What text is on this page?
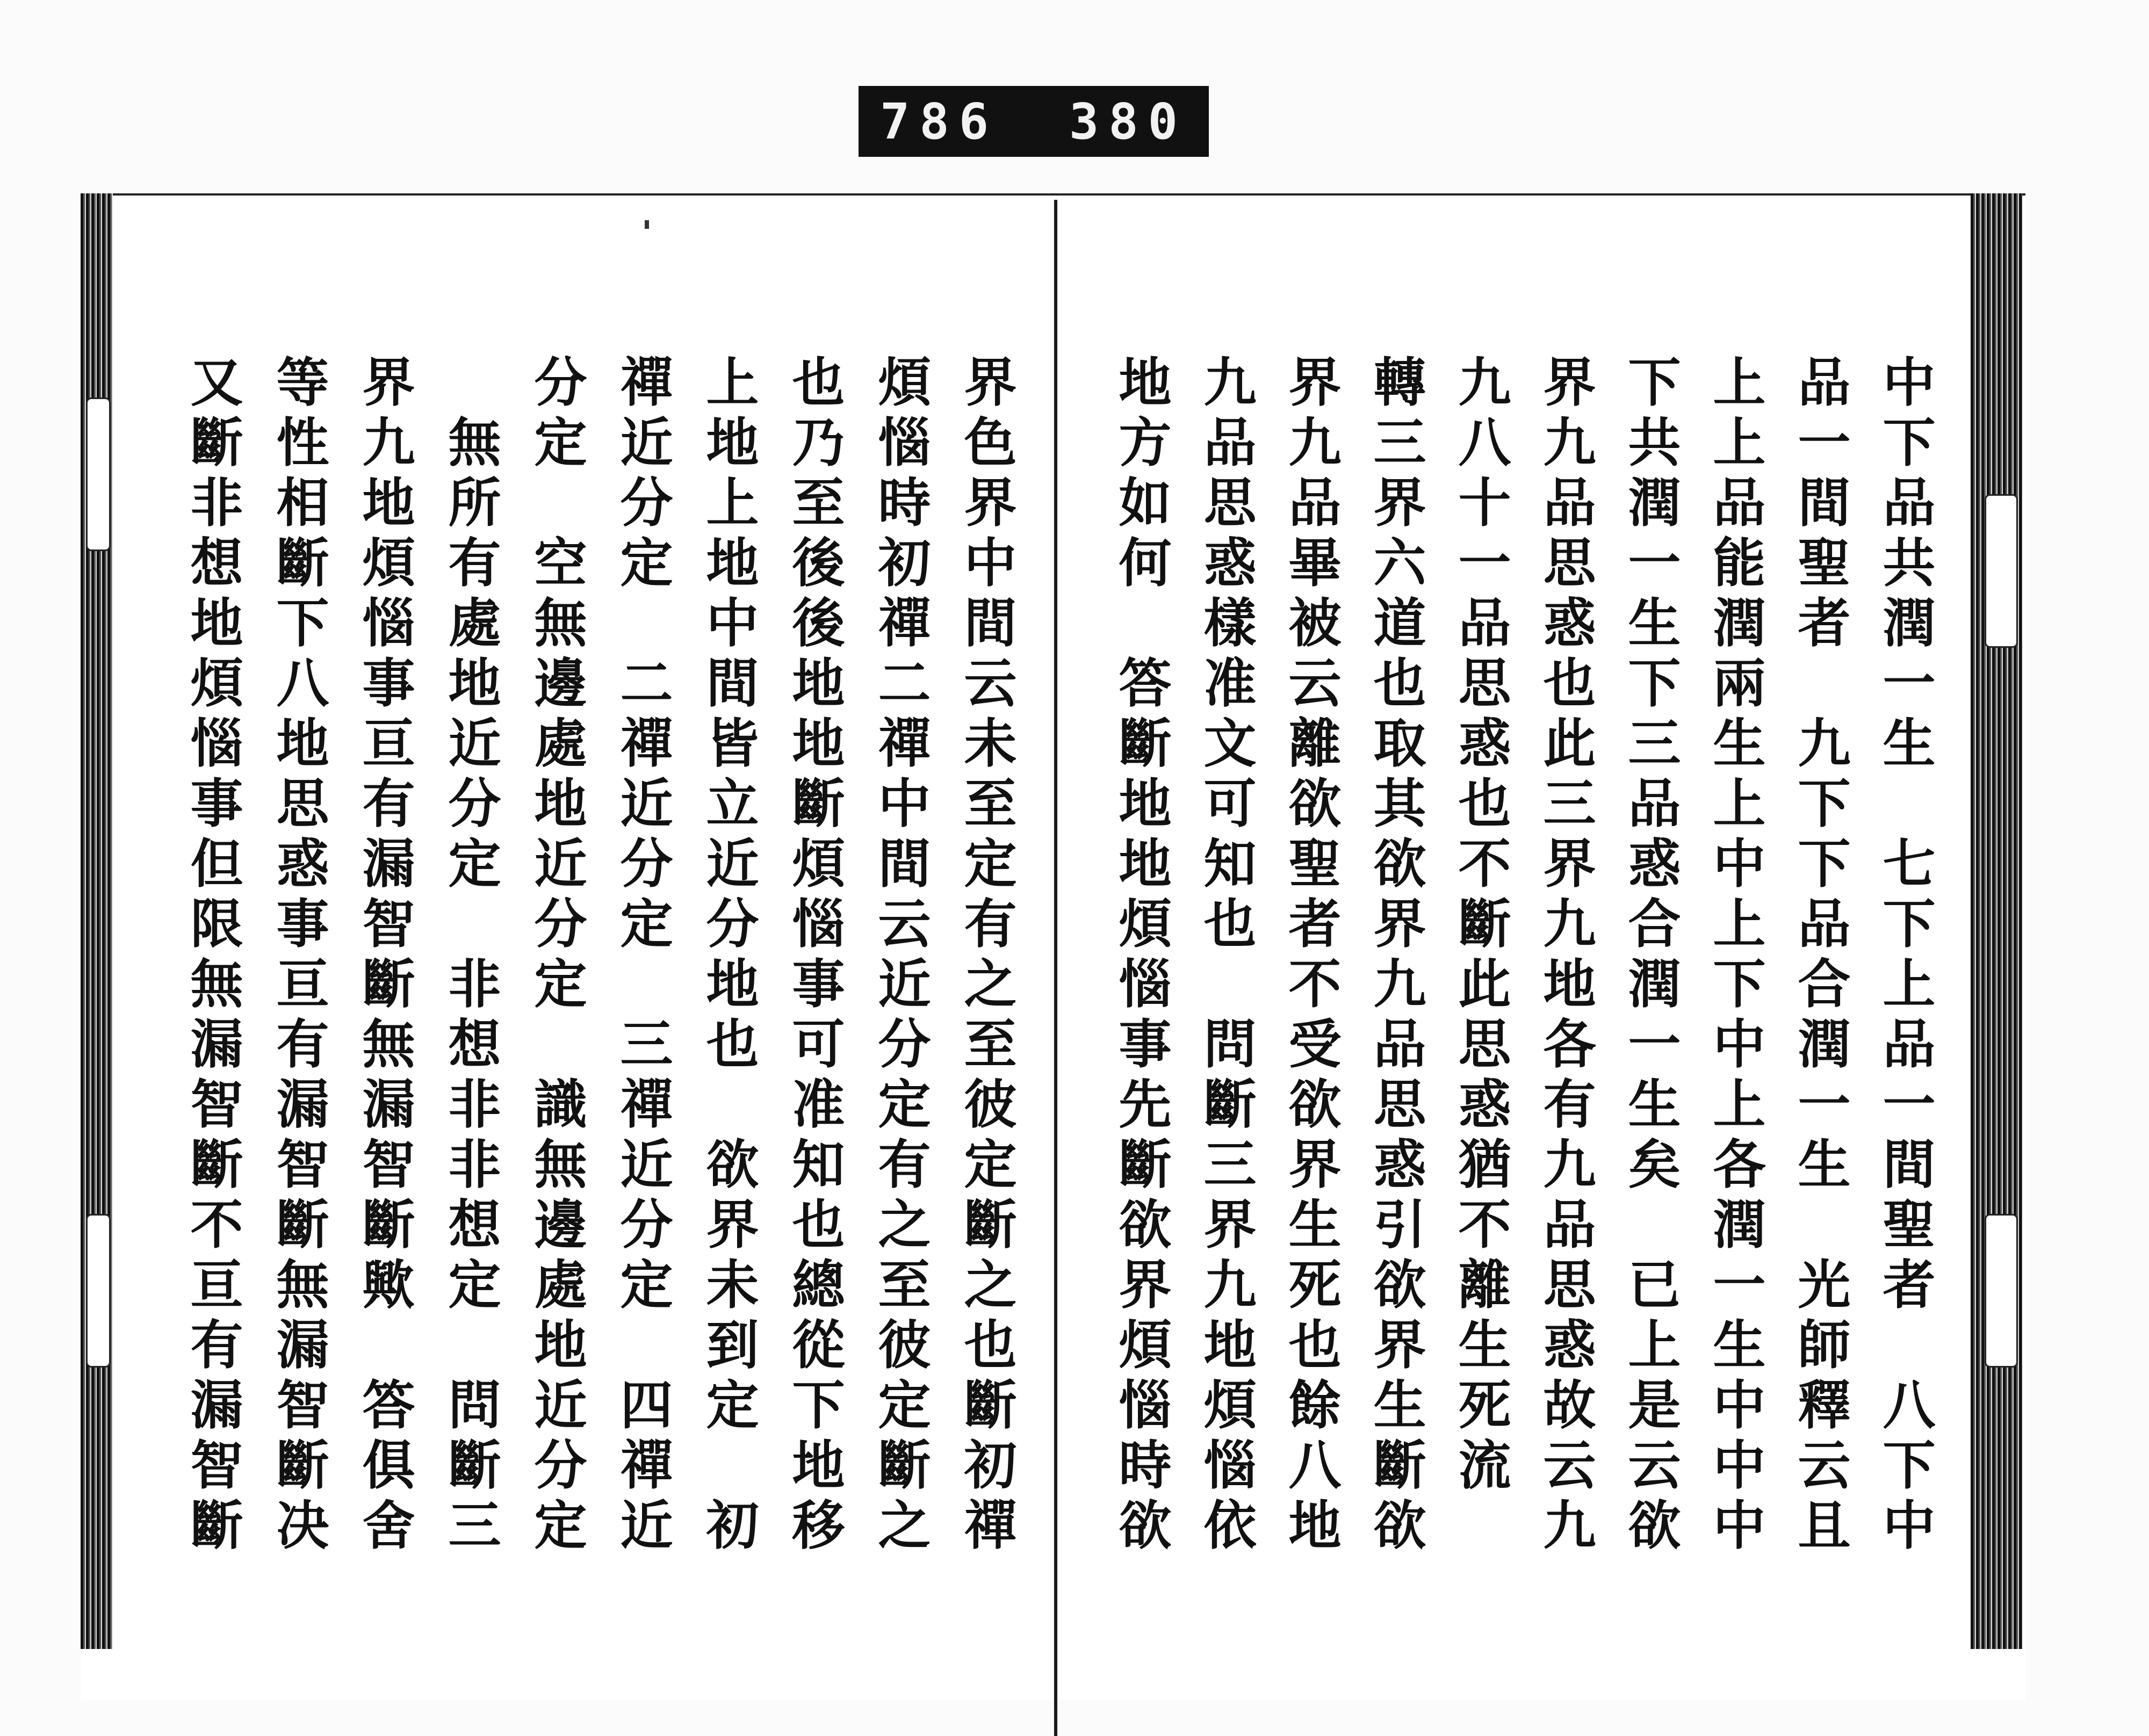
786 380
中下品共潤一生　七下上品一間聖者　八下中
品一間聖者　九下下品合潤一生　光師釋云且
上上品能潤兩生上中上下中上各潤一生中中中
下共潤一生下三品惑合潤一生矣　已上是云欲
界九品思惑也此三界九地各有九品思惑故云九
九八十一品思惑也不斷此思惑猶不離生死流
轉三界六道也取其欲界九品思惑引欲界生斷欲
界九品畢被云離欲聖者不受欲界生死也餘八地
九品思惑樣准文可知也　問斷三界九地煩惱依
地方如何　答斷地地煩惱事先斷欲界煩惱時欲
界色界中間云未至定有之至彼定斷之也斷初禪
煩惱時初禪二禪中間云近分定有之至彼定斷之
也乃至後後地地斷煩惱事可准知也總從下地移
上地上地中間皆立近分地也　欲界未到定　初
禪近分定　二禪近分定　三禪近分定　四禪近
分定　空無邊處地近分定　識無邊處地近分定
　無所有處地近分定　非想非非想定　問斷三
界九地煩惱事亘有漏智斷無漏智斷歟　答俱舍
等性相斷下八地思惑事亘有漏智斷無漏智斷决
又斷非想地煩惱事但限無漏智斷不亘有漏智斷
